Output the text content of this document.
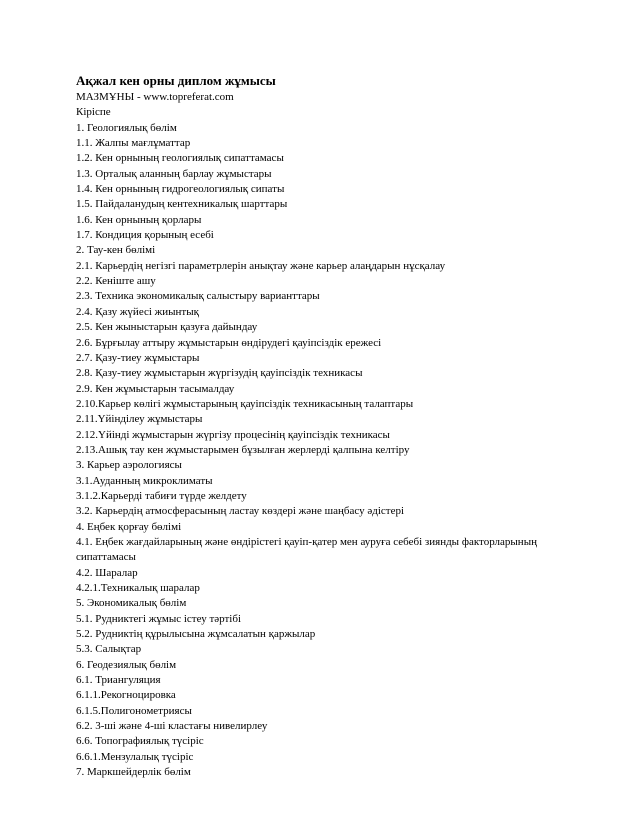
Ақжал кен орны диплом жұмысы
МАЗМҰНЫ - www.topreferat.com
Кіріспе
1. Геологиялық бөлім
1.1. Жалпы мағлұматтар
1.2. Кен орнының геологиялық сипаттамасы
1.3. Орталық аланның барлау жұмыстары
1.4. Кен орнының гидрогеологиялық сипаты
1.5. Пайдаланудың кентехникалық шарттары
1.6. Кен орнының қорлары
1.7. Кондиция қорының есебі
2. Тау-кен бөлімі
2.1. Карьердің негізгі параметрлерін анықтау және карьер алаңдарын нұсқалау
2.2. Кеніште ашу
2.3. Техника экономикалық салыстыру варианттары
2.4. Қазу жүйесі жиынтық
2.5. Кен жыныстарын қазуға дайындау
2.6. Бұрғылау аттыру жұмыстарын өндірудегі қауіпсіздік ережесі
2.7. Қазу-тиеу жұмыстары
2.8. Қазу-тиеу жұмыстарын жүргізудің қауіпсіздік техникасы
2.9. Кен жұмыстарын тасымалдау
2.10.Карьер көлігі жұмыстарының қауіпсіздік техникасының талаптары
2.11.Үйіндiлеу жұмыстары
2.12.Үйіндi жұмыстарын жүргізу процесінің қауіпсіздік техникасы
2.13.Ашық тау кен жұмыстарымен бұзылған жерлерді қалпына келтіру
3. Карьер аэрологиясы
3.1.Ауданның микроклиматы
3.1.2.Карьерді табиғи түрде желдету
3.2. Карьердің атмосферасының ластау көздері және шаңбасу әдістері
4. Еңбек қорғау бөлімі
4.1. Еңбек жағдайларының және өндірістегі қауіп-қатер мен ауруға себебі зиянды факторларының сипаттамасы
4.2. Шаралар
4.2.1.Техникалық шаралар
5. Экономикалық бөлім
5.1. Рудниктегі жұмыс істеу тәртібі
5.2. Рудниктің құрылысына жұмсалатын қаржылар
5.3. Салықтар
6. Геодезиялық бөлім
6.1. Триангуляция
6.1.1.Рекогноцировка
6.1.5.Полигонометриясы
6.2. 3-ші және 4-ші кластағы нивелирлеу
6.6. Топографиялық түсіріс
6.6.1.Мензулалық түсіріс
7. Маркшейдерлік бөлім
